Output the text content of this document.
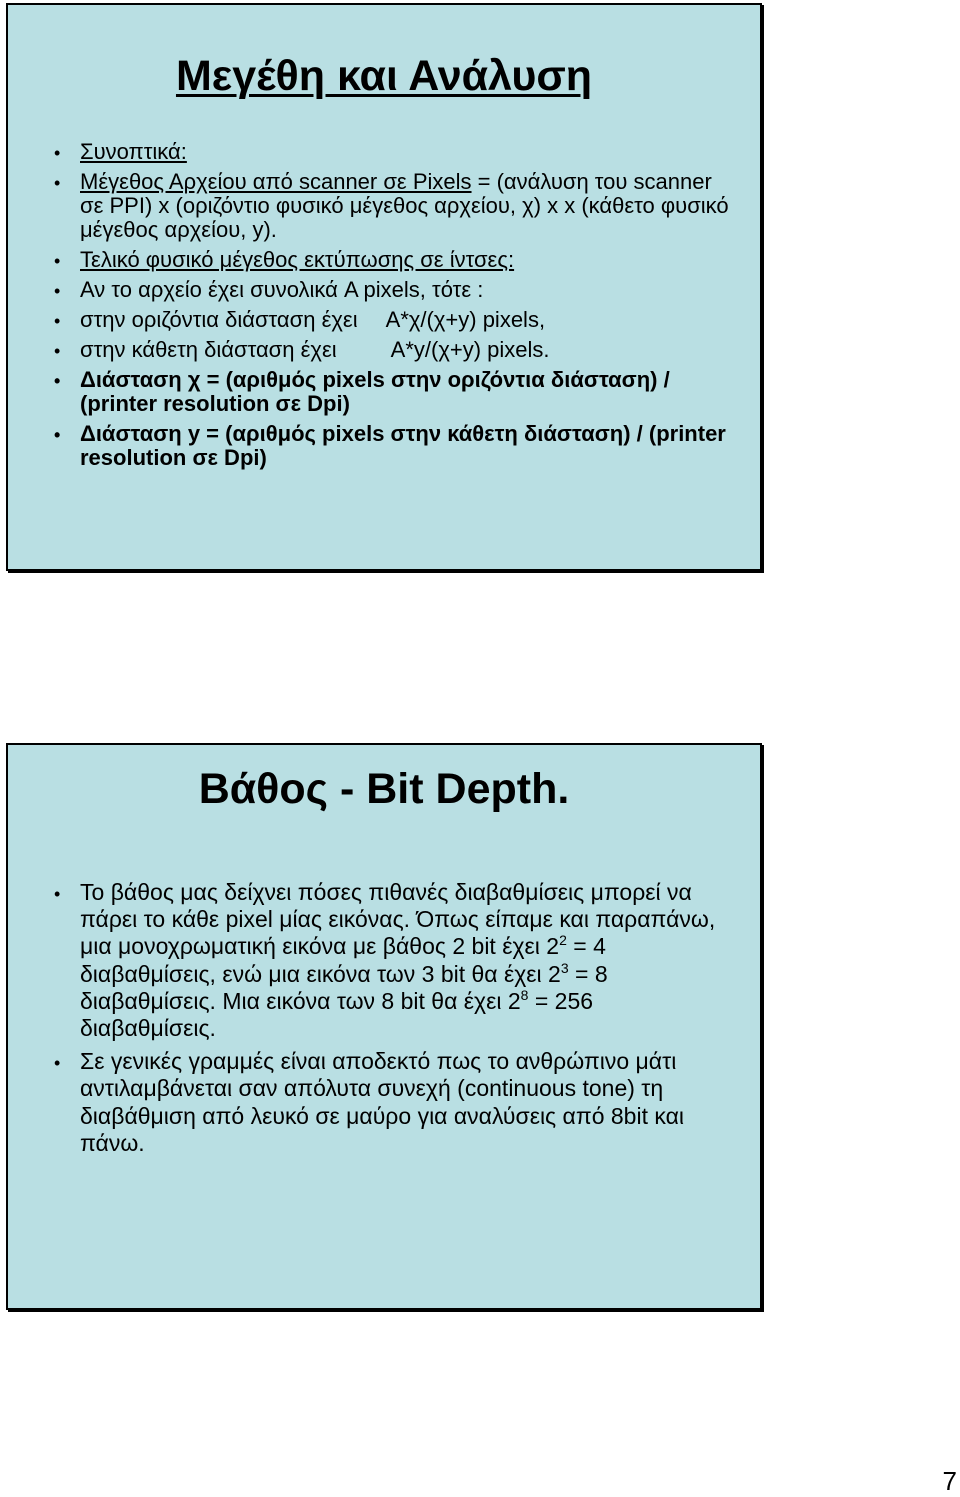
Μεγέθη και Ανάλυση
• Συνοπτικά:
• Μέγεθος Αρχείου από scanner σε Pixels = (ανάλυση του scanner σε PPI) x (οριζόντιο φυσικό μέγεθος αρχείου, χ) x x (κάθετο φυσικό μέγεθος αρχείου, y).
• Τελικό φυσικό μέγεθος εκτύπωσης σε ίντσες:
• Αν το αρχείο έχει συνολικά A pixels, τότε :
• στην οριζόντια διάσταση έχει A*χ/(χ+y) pixels,
• στην κάθετη διάσταση έχει A*y/(χ+y) pixels.
• Διάσταση χ = (αριθμός pixels στην οριζόντια διάσταση) / (printer resolution σε Dpi)
• Διάσταση y = (αριθμός pixels στην κάθετη διάσταση) / (printer resolution σε Dpi)
Βάθος - Bit Depth.
• Το βάθος μας δείχνει πόσες πιθανές διαβαθμίσεις μπορεί να πάρει το κάθε pixel μίας εικόνας. Όπως είπαμε και παραπάνω, μια μονοχρωματική εικόνα με βάθος 2 bit έχει $2^2 = 4$ διαβαθμίσεις, ενώ μια εικόνα των 3 bit θα έχει $2^3 = 8$ διαβαθμίσεις. Μια εικόνα των 8 bit θα έχει $2^8 = 256$ διαβαθμίσεις.
• Σε γενικές γραμμές είναι αποδεκτό πως το ανθρώπινο μάτι αντιλαμβάνεται σαν απόλυτα συνεχή (continuous tone) τη διαβάθμιση από λευκό σε μαύρο για αναλύσεις από 8bit και πάνω.
7
